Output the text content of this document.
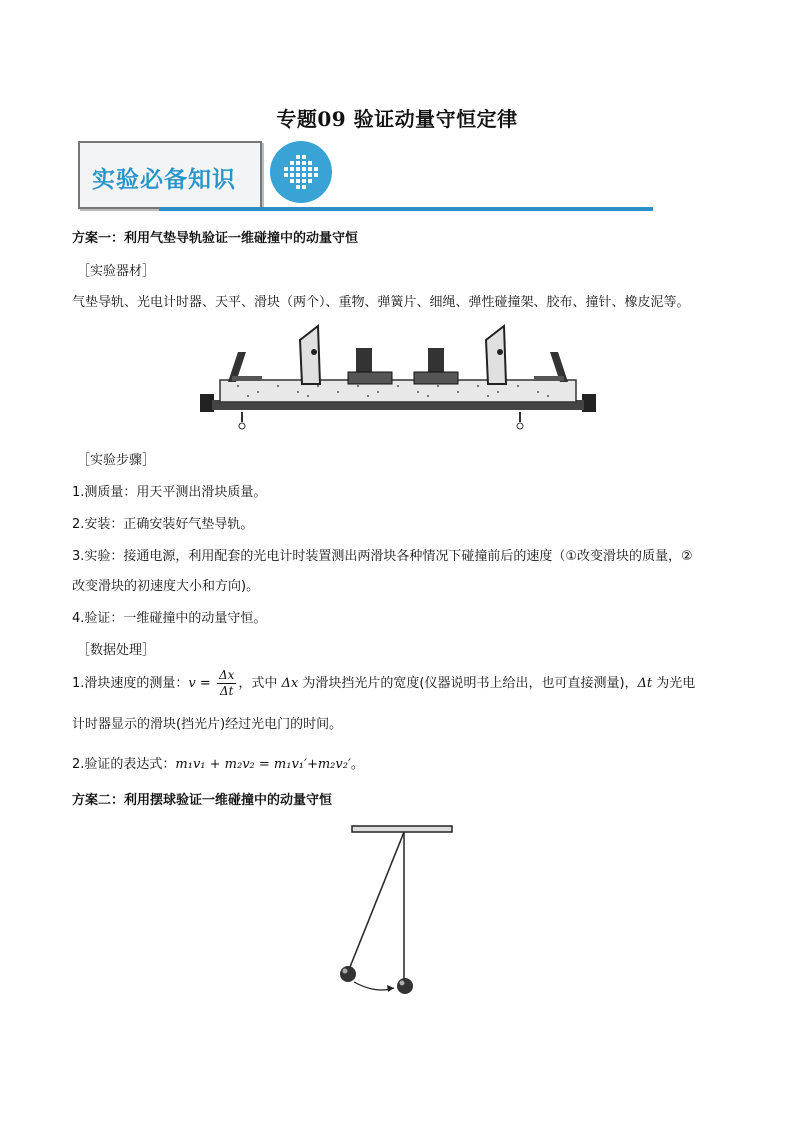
专题09 验证动量守恒定律
实验必备知识
方案一：利用气垫导轨验证一维碰撞中的动量守恒
［实验器材］
气垫导轨、光电计时器、天平、滑块（两个）、重物、弹簧片、细绳、弹性碰撞架、胶布、撞针、橡皮泥等。
［实验步骤］
1.测质量：用天平测出滑块质量。
2.安装：正确安装好气垫导轨。
3.实验：接通电源，利用配套的光电计时装置测出两滑块各种情况下碰撞前后的速度（①改变滑块的质量，②
改变滑块的初速度大小和方向)。
4.验证：一维碰撞中的动量守恒。
［数据处理］
1.滑块速度的测量：$v = \frac{\Delta x}{\Delta t}$ ，式中 Δx 为滑块挡光片的宽度(仪器说明书上给出，也可直接测量)，Δt 为光电
计时器显示的滑块(挡光片)经过光电门的时间。
2.验证的表达式：m₁v₁ + m₂v₂ = m₁v₁′+m₂v₂′。
方案二：利用摆球验证一维碰撞中的动量守恒
